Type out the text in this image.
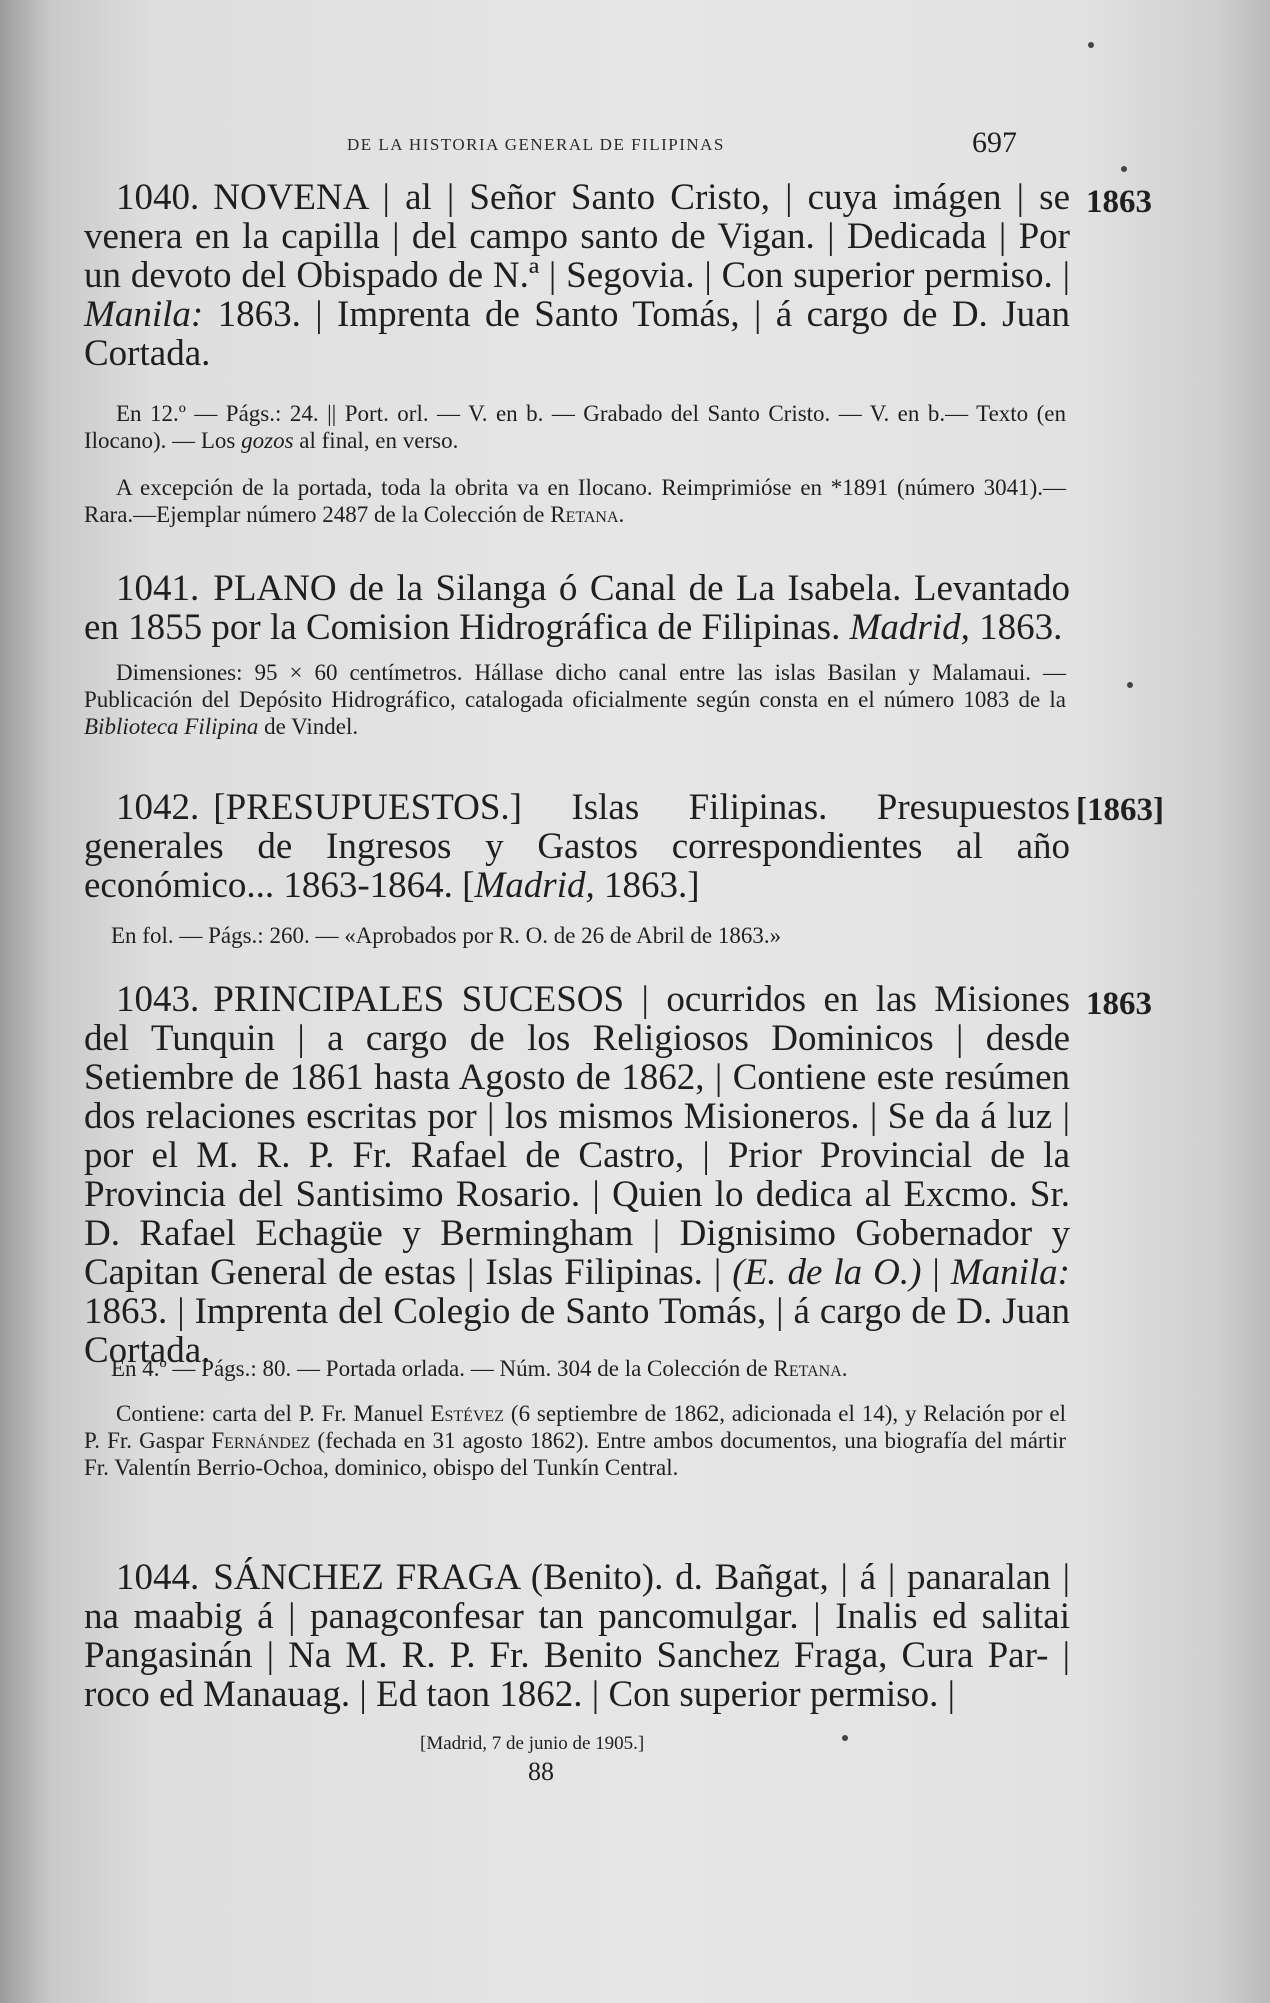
DE LA HISTORIA GENERAL DE FILIPINAS	697
1040. NOVENA | al | Señor Santo Cristo, | cuya imágen | se venera en la capilla | del campo santo de Vigan. | Dedicada | Por un devoto del Obispado de N.ª | Segovia. | Con superior permiso. | Manila: 1863. | Imprenta de Santo Tomás, | á cargo de D. Juan Cortada.
1863
En 12.º — Págs.: 24. || Port. orl. — V. en b. — Grabado del Santo Cristo. — V. en b.— Texto (en Ilocano). — Los gozos al final, en verso.
A excepción de la portada, toda la obrita va en Ilocano. Reimprimióse en *1891 (número 3041).—Rara.—Ejemplar número 2487 de la Colección de Retana.
1041. PLANO de la Silanga ó Canal de La Isabela. Levantado en 1855 por la Comision Hidrográfica de Filipinas. Madrid, 1863.
Dimensiones: 95 × 60 centímetros. Hállase dicho canal entre las islas Basilan y Malamaui. — Publicación del Depósito Hidrográfico, catalogada oficialmente según consta en el número 1083 de la Biblioteca Filipina de Vindel.
1042. [PRESUPUESTOS.] Islas Filipinas. Presupuestos generales de Ingresos y Gastos correspondientes al año económico... 1863-1864. [Madrid, 1863.]
[1863]
En fol. — Págs.: 260. — «Aprobados por R. O. de 26 de Abril de 1863.»
1043. PRINCIPALES SUCESOS | ocurridos en las Misiones del Tunquin | a cargo de los Religiosos Dominicos | desde Setiembre de 1861 hasta Agosto de 1862, | Contiene este resúmen dos relaciones escritas por | los mismos Misioneros. | Se da á luz | por el M. R. P. Fr. Rafael de Castro, | Prior Provincial de la Provincia del Santisimo Rosario. | Quien lo dedica al Excmo. Sr. D. Rafael Echagüe y Bermingham | Dignisimo Gobernador y Capitan General de estas | Islas Filipinas. | (E. de la O.) | Manila: 1863. | Imprenta del Colegio de Santo Tomás, | á cargo de D. Juan Cortada.
1863
En 4.º — Págs.: 80. — Portada orlada. — Núm. 304 de la Colección de Retana.
Contiene: carta del P. Fr. Manuel Estévez (6 septiembre de 1862, adicionada el 14), y Relación por el P. Fr. Gaspar Fernández (fechada en 31 agosto 1862). Entre ambos documentos, una biografía del mártir Fr. Valentín Berrio-Ochoa, dominico, obispo del Tunkín Central.
1044. SÁNCHEZ FRAGA (Benito). d. Bañgat, | á | panaralan | na maabig á | panagconfesar tan pancomulgar. | Inalis ed salitai Pangasinán | Na M. R. P. Fr. Benito Sanchez Fraga, Cura Par- | roco ed Manauag. | Ed taon 1862. | Con superior permiso. |
[Madrid, 7 de junio de 1905.]
88
